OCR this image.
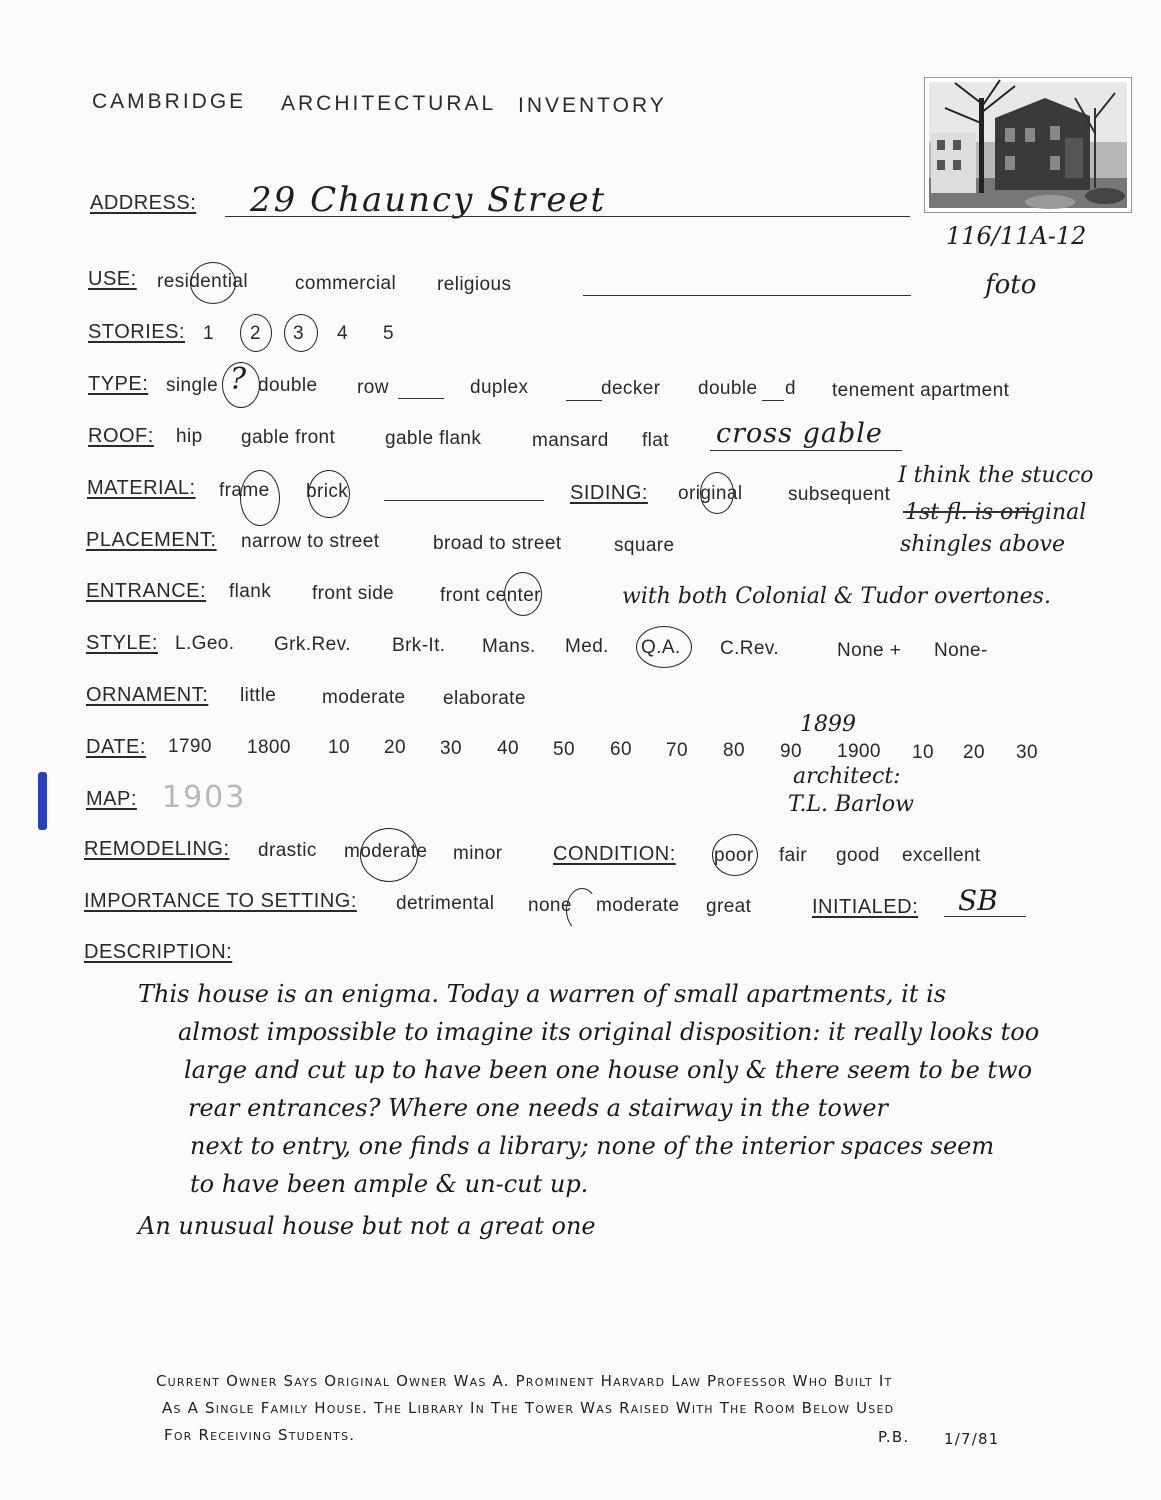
CAMBRIDGE ARCHITECTURAL INVENTORY
116/11A-12
foto
ADDRESS: 29 Chauncy Street
USE: residential commercial religious
STORIES: 1 2 3 4 5
TYPE: single ? double row	duplex	decker double d tenement apartment
ROOF: hip gable front	gable flank	mansard flat cross gable
MATERIAL: frame brick	SIDING: original subsequent
I think the stucco
1st fl. is original
shingles above
PLACEMENT: narrow to street	broad to street	square
ENTRANCE: flank front side front center	with both Colonial & Tudor overtones.
STYLE: L.Geo. Grk.Rev. Brk-It. Mans. Med. Q.A. C.Rev.	None + None-
ORNAMENT: little moderate elaborate
1899
DATE: 1790 1800 10 20 30 40 50 60 70 80 90 1900 10 20 30
architect:
T.L. Barlow
MAP: 1903
REMODELING: drastic moderate minor	CONDITION: poor fair good excellent
IMPORTANCE TO SETTING: detrimental none moderate great	INITIALED: SB
DESCRIPTION:
This house is an enigma. Today a warren of small apartments, it is
almost impossible to imagine its original disposition: it really looks too
large and cut up to have been one house only & there seem to be two
rear entrances? Where one needs a stairway in the tower
next to entry, one finds a library; none of the interior spaces seem
to have been ample & un-cut up.
An unusual house but not a great one
Current Owner Says Original Owner Was A. Prominent Harvard Law Professor Who Built It
As A Single Family House. The Library In The Tower Was Raised With The Room Below Used
For Receiving Students.	P.B. 1/7/81
